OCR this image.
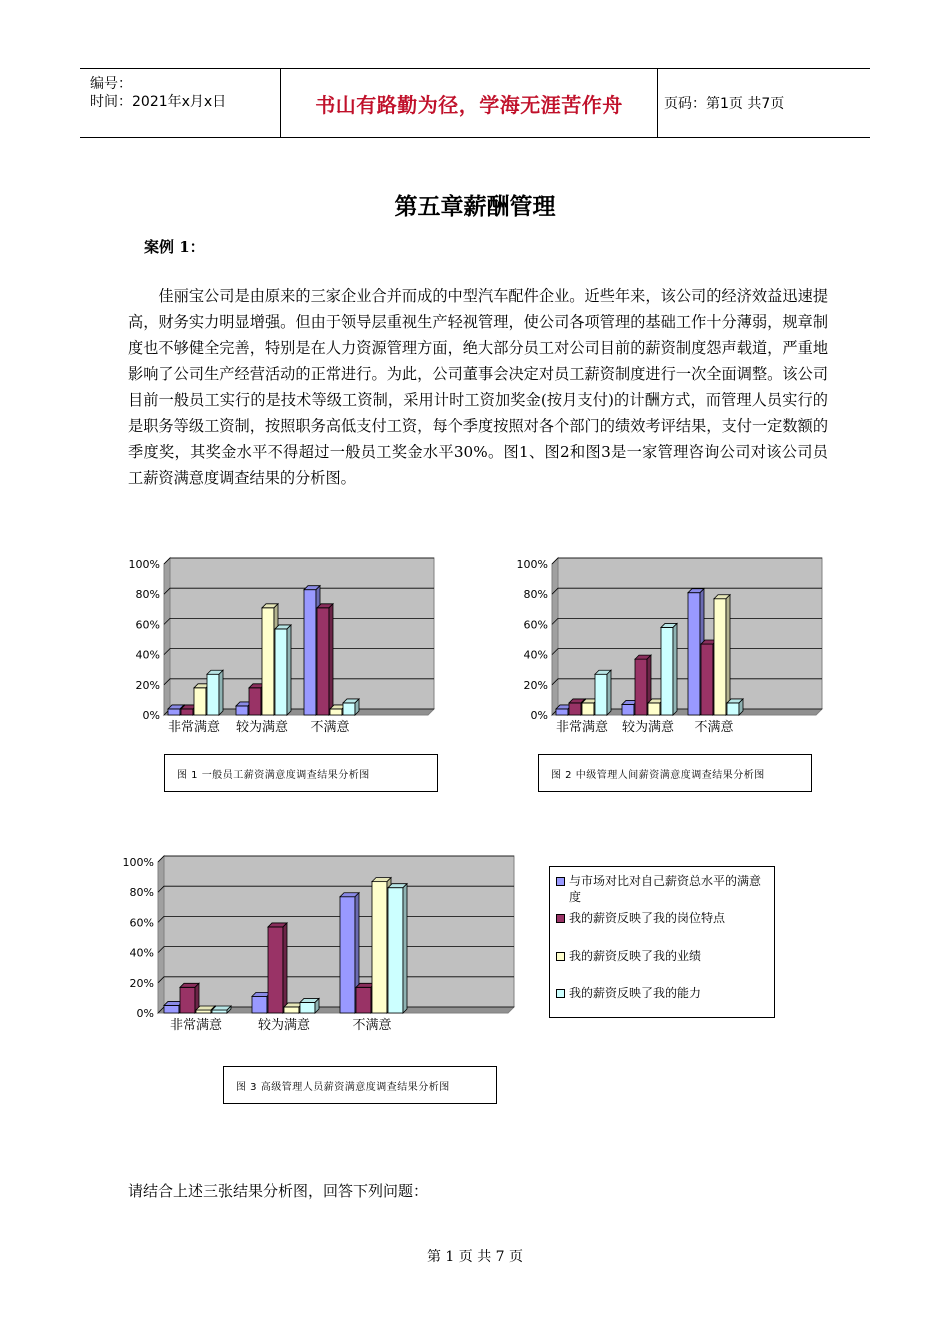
编号：
时间：2021年x月x日	书山有路勤为径，学海无涯苦作舟	页码：第1页 共7页
第五章薪酬管理
案例 1：
佳丽宝公司是由原来的三家企业合并而成的中型汽车配件企业。近些年来，该公司的经济效益迅速提高，财务实力明显增强。但由于领导层重视生产轻视管理，使公司各项管理的基础工作十分薄弱，规章制度也不够健全完善，特别是在人力资源管理方面，绝大部分员工对公司目前的薪资制度怨声载道，严重地影响了公司生产经营活动的正常进行。为此，公司董事会决定对员工薪资制度进行一次全面调整。该公司目前一般员工实行的是技术等级工资制，采用计时工资加奖金(按月支付)的计酬方式，而管理人员实行的是职务等级工资制，按照职务高低支付工资，每个季度按照对各个部门的绩效考评结果，支付一定数额的季度奖，其奖金水平不得超过一般员工奖金水平30%。图1、图2和图3是一家管理咨询公司对该公司员工薪资满意度调查结果的分析图。
0%
20%
40%
60%
80%
100%
非常满意 较为满意 不满意
0%
20%
40%
60%
80%
100%
非常满意 较为满意 不满意
0%
20%
40%
60%
80%
100%
非常满意	较为满意	不满意
图 1 一般员工薪资满意度调查结果分析图	图 2 中级管理人间薪资满意度调查结果分析图
图 3 高级管理人员薪资满意度调查结果分析图
与市场对比对自己薪资总水平的满意度
我的薪资反映了我的岗位特点
我的薪资反映了我的业绩
我的薪资反映了我的能力
请结合上述三张结果分析图，回答下列问题：
第 1 页 共 7 页
